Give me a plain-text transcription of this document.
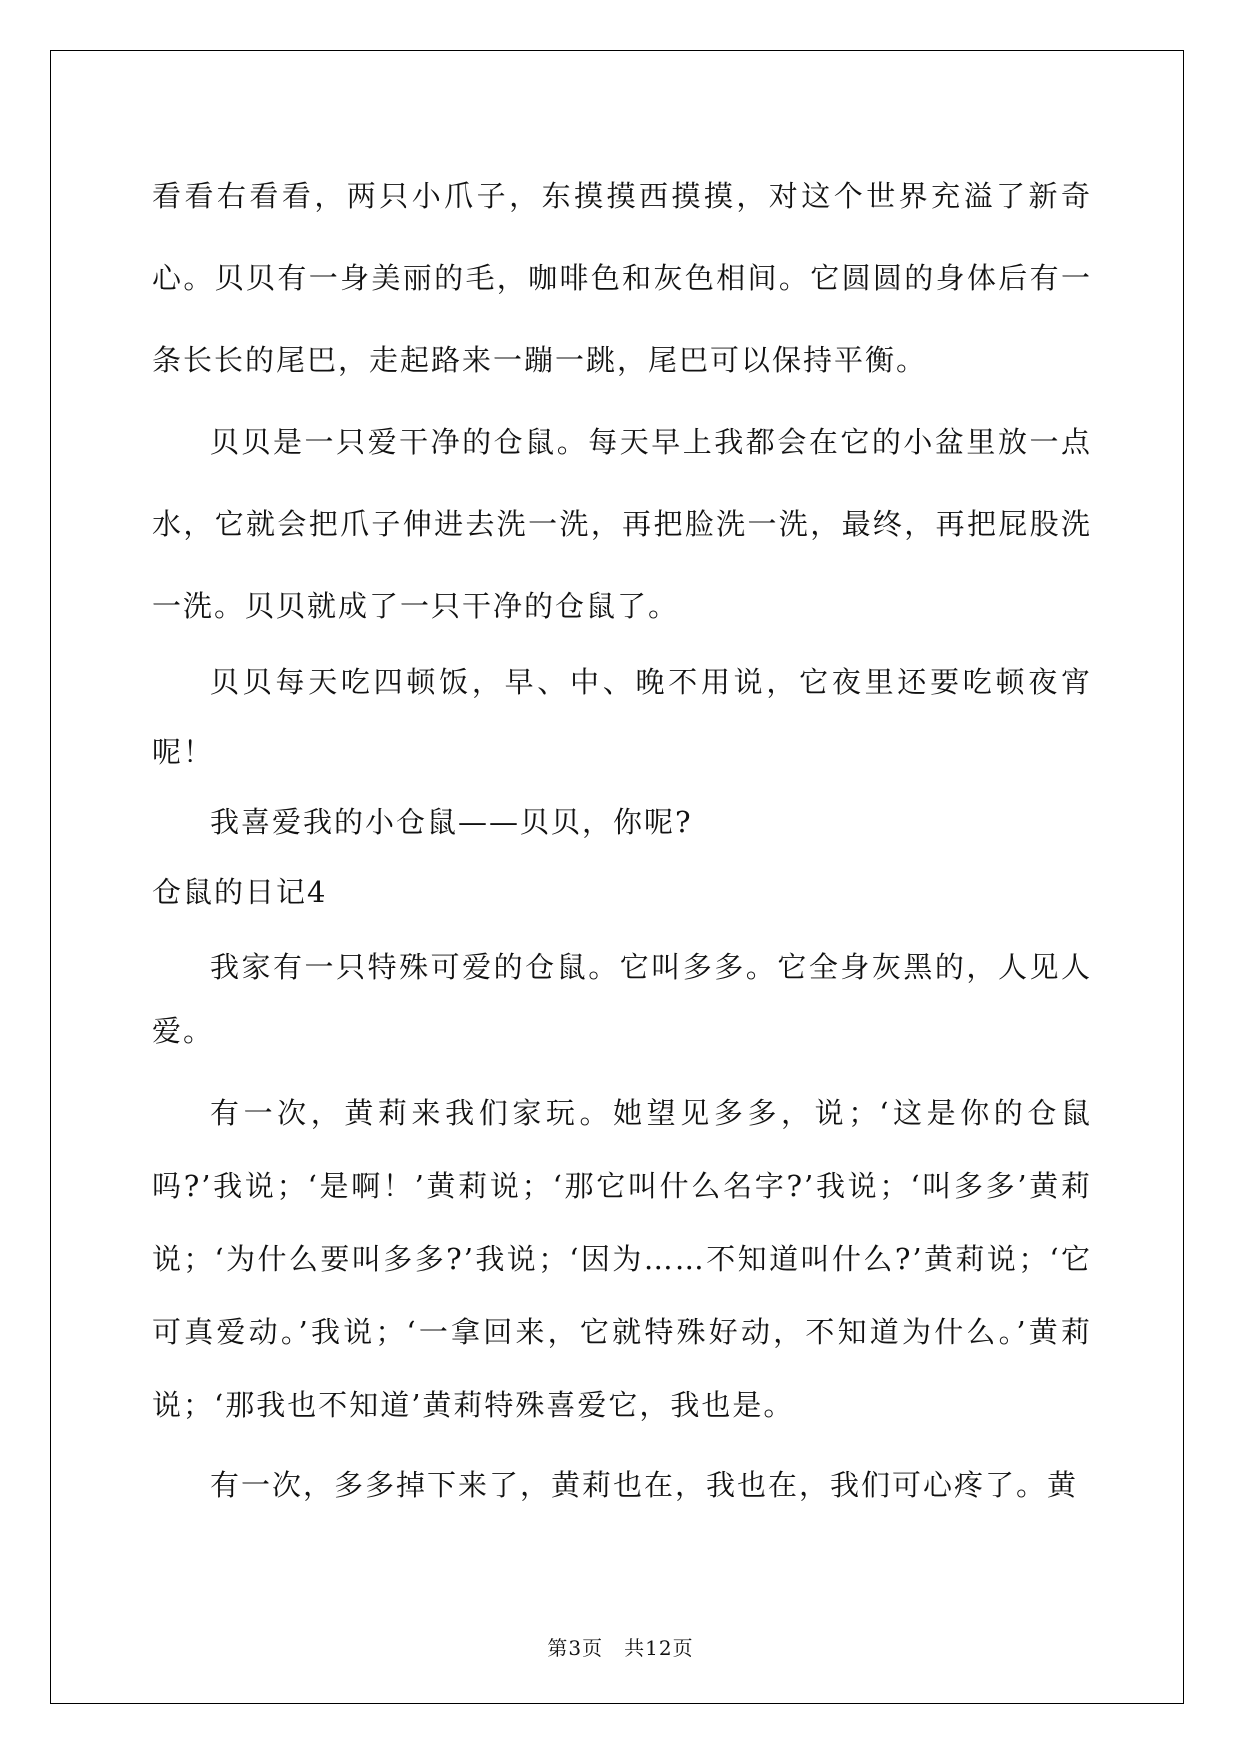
看看右看看，两只小爪子，东摸摸西摸摸，对这个世界充溢了新奇心。贝贝有一身美丽的毛，咖啡色和灰色相间。它圆圆的身体后有一条长长的尾巴，走起路来一蹦一跳，尾巴可以保持平衡。

贝贝是一只爱干净的仓鼠。每天早上我都会在它的小盆里放一点水，它就会把爪子伸进去洗一洗，再把脸洗一洗，最终，再把屁股洗一洗。贝贝就成了一只干净的仓鼠了。

贝贝每天吃四顿饭，早、中、晚不用说，它夜里还要吃顿夜宵呢！

我喜爱我的小仓鼠——贝贝，你呢?

仓鼠的日记4

我家有一只特殊可爱的仓鼠。它叫多多。它全身灰黑的，人见人爱。

有一次，黄莉来我们家玩。她望见多多，说；‘这是你的仓鼠吗?’我说；‘是啊！’黄莉说；‘那它叫什么名字?’我说；‘叫多多’黄莉说；‘为什么要叫多多?’我说；‘因为……不知道叫什么?’黄莉说；‘它可真爱动。’我说；‘一拿回来，它就特殊好动，不知道为什么。’黄莉说；‘那我也不知道’黄莉特殊喜爱它，我也是。

有一次，多多掉下来了，黄莉也在，我也在，我们可心疼了。黄

第3页　共12页
